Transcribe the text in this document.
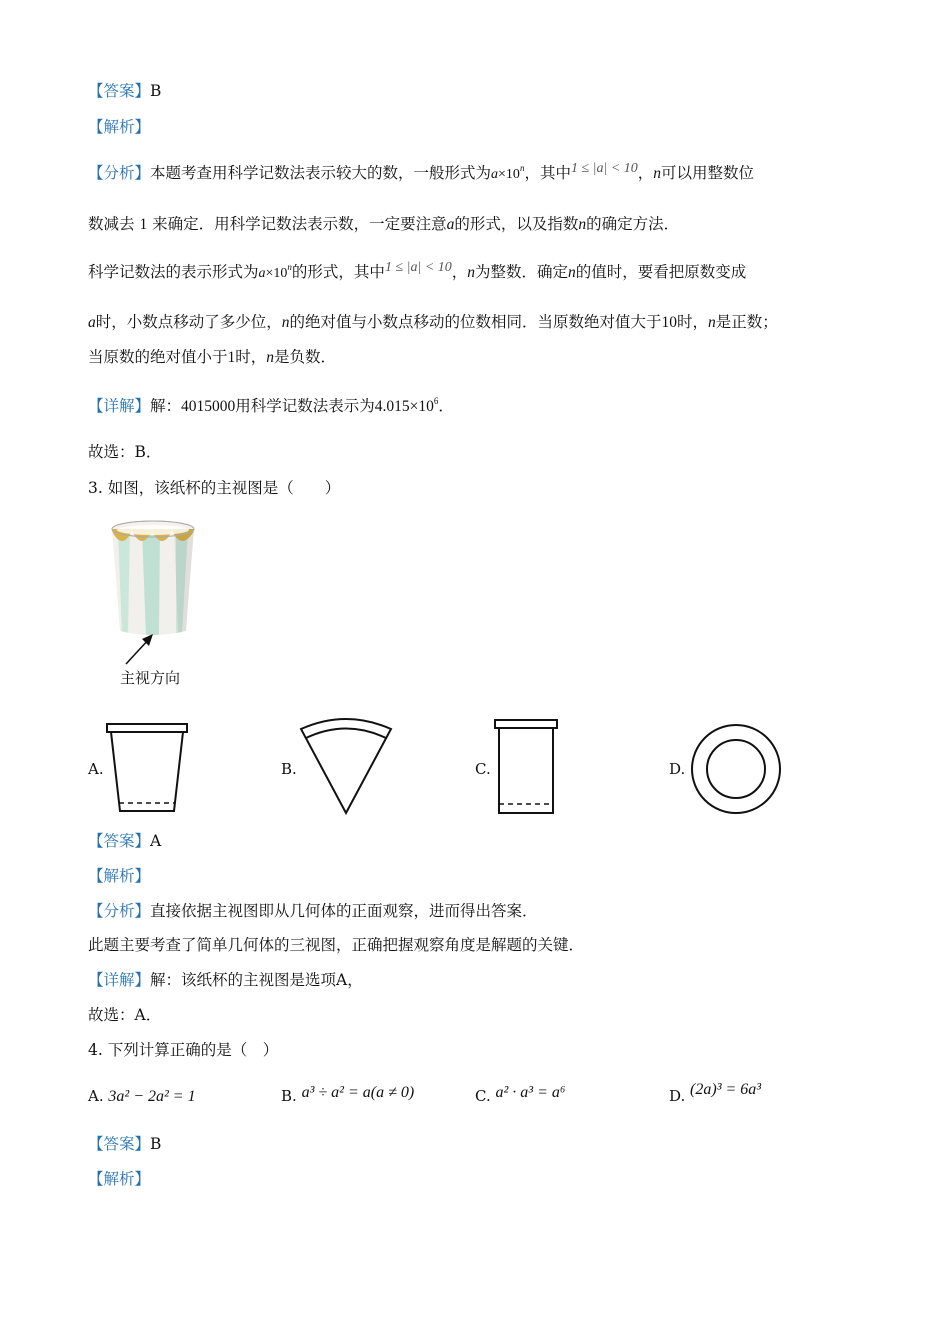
【答案】B
【解析】
【分析】本题考查用科学记数法表示较大的数，一般形式为$a\times 10^n$，其中1 ≤ |a| < 10，n可以用整数位
数减去 1 来确定．用科学记数法表示数，一定要注意a的形式，以及指数n的确定方法．
科学记数法的表示形式为$a\times 10^n$的形式，其中1 ≤ |a| < 10，n为整数．确定n的值时，要看把原数变成
a时，小数点移动了多少位，n的绝对值与小数点移动的位数相同．当原数绝对值大于10时，n是正数；
当原数的绝对值小于1时，n是负数．
【详解】解：4015000用科学记数法表示为$4.015\times 10^6$．
故选：B．
3. 如图，该纸杯的主视图是（　　）
主视方向
A.	B.	C.	D.
【答案】A
【解析】
【分析】直接依据主视图即从几何体的正面观察，进而得出答案．
此题主要考查了简单几何体的三视图，正确把握观察角度是解题的关键．
【详解】解：该纸杯的主视图是选项A，
故选：A．
4. 下列计算正确的是（　）
A. 3a² − 2a² = 1	B. a³ ÷ a² = a(a ≠ 0)	C. a² · a³ = a⁶	D. (2a)³ = 6a³
【答案】B
【解析】
